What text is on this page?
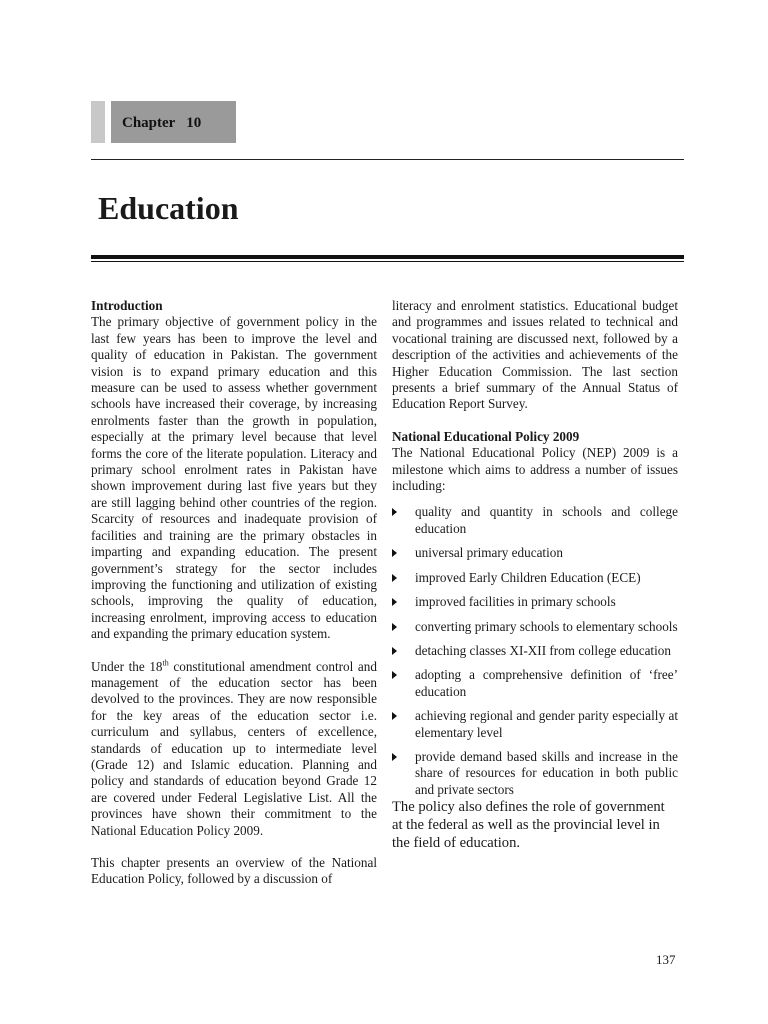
Chapter   10
Education

Introduction

The primary objective of government policy in the last few years has been to improve the level and quality of education in Pakistan. The government vision is to expand primary education and this measure can be used to assess whether government schools have increased their coverage, by increasing enrolments faster than the growth in population, especially at the primary level because that level forms the core of the literate population. Literacy and primary school enrolment rates in Pakistan have shown improvement during last five years but they are still lagging behind other countries of the region. Scarcity of resources and inadequate provision of facilities and training are the primary obstacles in imparting and expanding education. The present government’s strategy for the sector includes improving the functioning and utilization of existing schools, improving the quality of education, increasing enrolment, improving access to education and expanding the primary education system.

Under the 18th constitutional amendment control and management of the education sector has been devolved to the provinces. They are now responsible for the key areas of the education sector i.e. curriculum and syllabus, centers of excellence, standards of education up to intermediate level (Grade 12) and Islamic education. Planning and policy and standards of education beyond Grade 12 are covered under Federal Legislative List. All the provinces have shown their commitment to the National Education Policy 2009.

This chapter presents an overview of the National Education Policy, followed by a discussion of

literacy and enrolment statistics. Educational budget and programmes and issues related to technical and vocational training are discussed next, followed by a description of the activities and achievements of the Higher Education Commission. The last section presents a brief summary of the Annual Status of Education Report Survey.

National Educational Policy 2009

The National Educational Policy (NEP) 2009 is a milestone which aims to address a number of issues including:

quality and quantity in schools and college education
universal primary education
improved Early Children Education (ECE)
improved facilities in primary schools
converting primary schools to elementary schools
detaching classes XI-XII from college education
adopting a comprehensive definition of ‘free’ education
achieving regional and gender parity especially at elementary level
provide demand based skills and increase in the share of resources for education in both public and private sectors

The policy also defines the role of government at the federal as well as the provincial level in the field of education.

137
